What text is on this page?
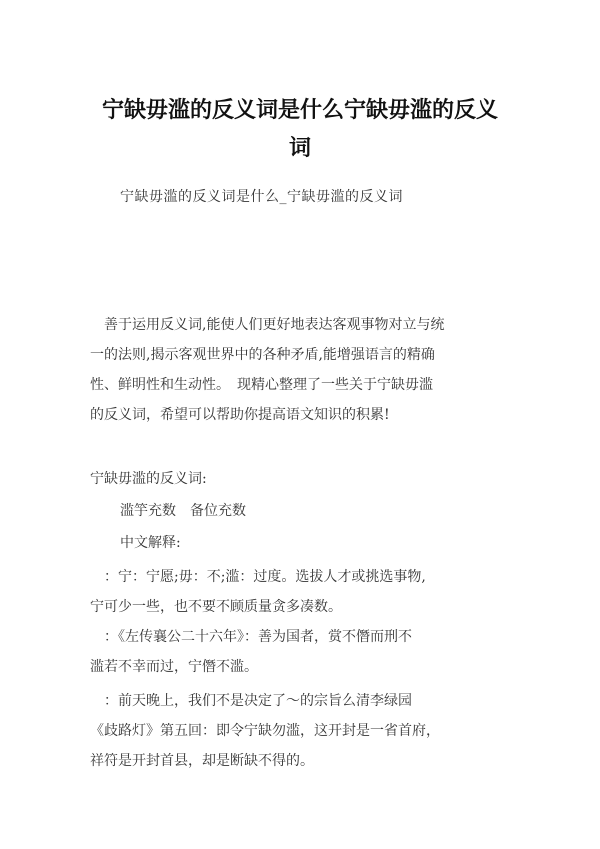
宁缺毋滥的反义词是什么宁缺毋滥的反义
词
宁缺毋滥的反义词是什么_宁缺毋滥的反义词
　善于运用反义词,能使人们更好地表达客观事物对立与统
一的法则,揭示客观世界中的各种矛盾,能增强语言的精确
性、鲜明性和生动性。　现精心整理了一些关于宁缺毋滥
的反义词，希望可以帮助你提高语文知识的积累!
宁缺毋滥的反义词:
滥竽充数　备位充数
中文解释:
　：宁：宁愿;毋：不;滥：过度。选拔人才或挑选事物,
宁可少一些，也不要不顾质量贪多凑数。
　：《左传襄公二十六年》：善为国者，赏不僭而刑不
滥若不幸而过，宁僭不滥。
　：前天晚上，我们不是决定了～的宗旨么清李绿园
《歧路灯》第五回：即令宁缺勿滥，这开封是一省首府，
祥符是开封首县，却是断缺不得的。
